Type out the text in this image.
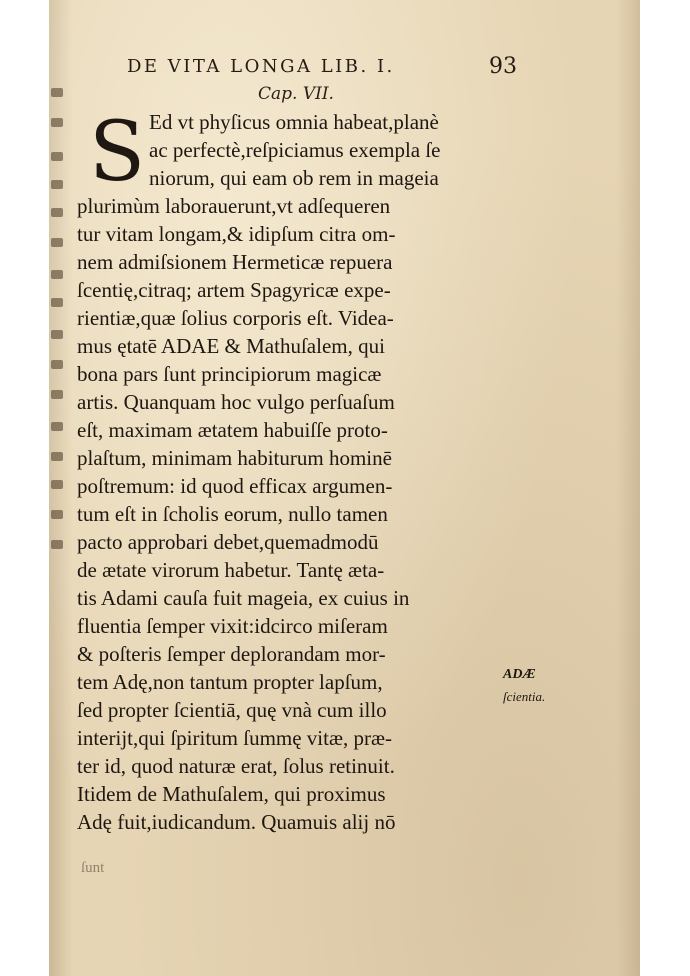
DE VITA LONGA LIB. I.	93
Cap. VII.
S Ed vt phyſicus omnia habeat,planè
ac perfectè,reſpiciamus exempla ſe
niorum, qui eam ob rem in mageia
plurimùm laborauerunt,vt adſequeren
tur vitam longam,& idipſum citra om-
nem admiſsionem Hermeticæ repuera
ſcentię,citraq; artem Spagyricæ expe-
rientiæ,quæ ſolius corporis eſt. Videa-
mus ętatē ADAE & Mathuſalem, qui
bona pars ſunt principiorum magicæ
artis. Quanquam hoc vulgo perſuaſum
eſt, maximam ætatem habuiſſe proto-
plaſtum, minimam habiturum hominē
poſtremum: id quod efficax argumen-
tum eſt in ſcholis eorum, nullo tamen
pacto approbari debet,quemadmodū
de ætate virorum habetur. Tantę æta-
tis Adami cauſa fuit mageia, ex cuius in
fluentia ſemper vixit:idcirco miſeram
& poſteris ſemper deplorandam mor-
tem Adę,non tantum propter lapſum,
ſed propter ſcientiā, quę vnà cum illo
interijt,qui ſpiritum ſummę vitæ, præ-
ter id, quod naturæ erat, ſolus retinuit.
Itidem de Mathuſalem, qui proximus
Adę fuit,iudicandum. Quamuis alij nō
ADÆ
ſcientia.
ſunt
